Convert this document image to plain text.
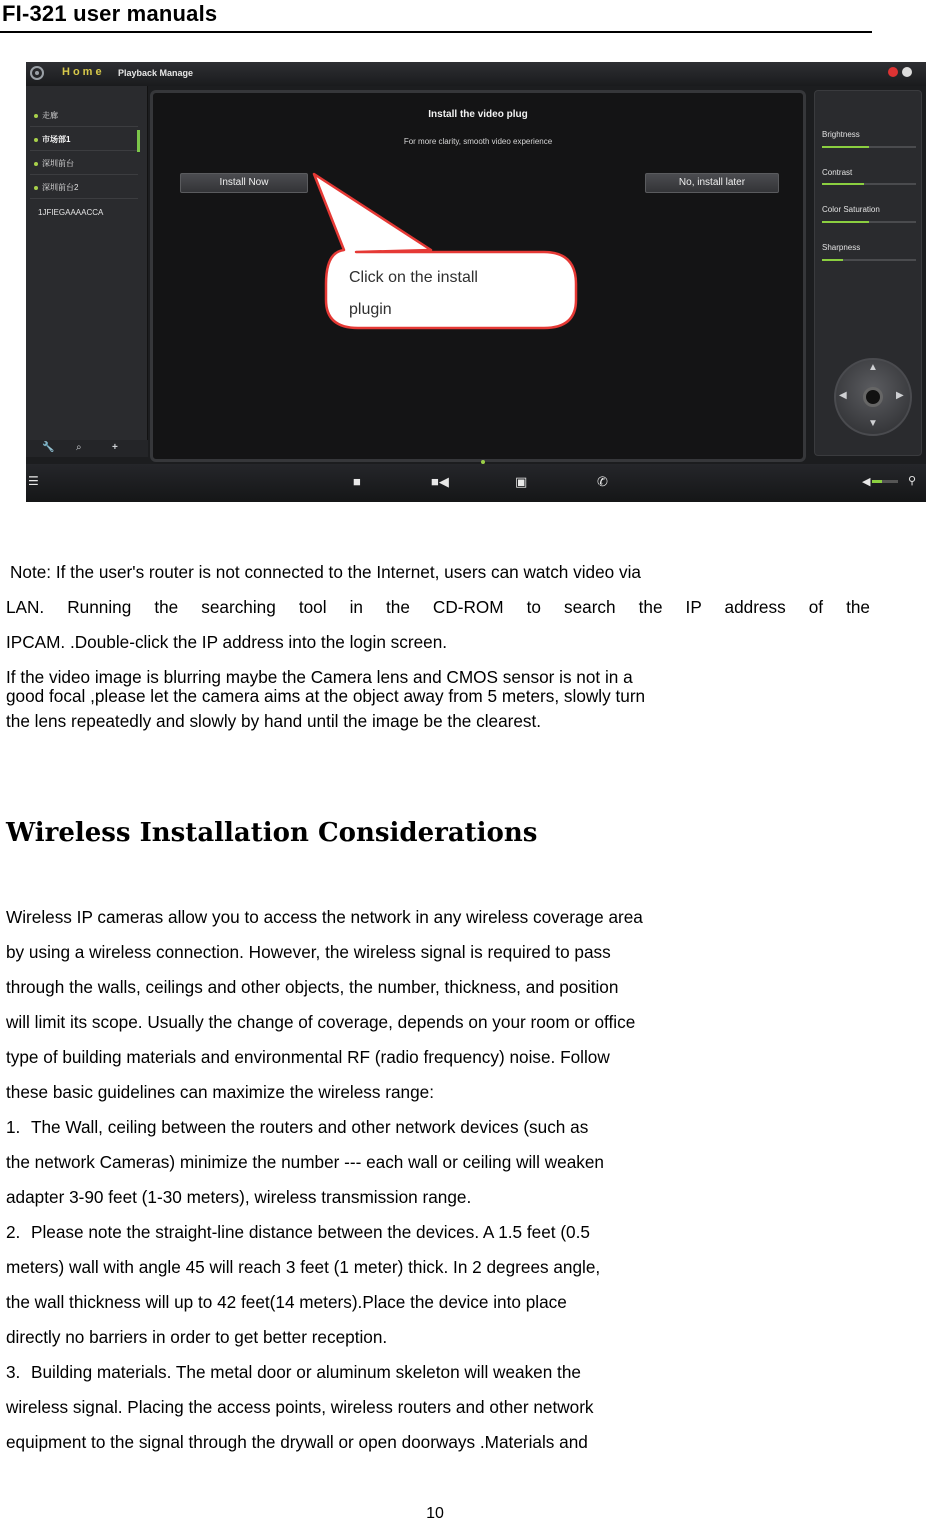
FI-321 user manuals
Home Playback Manage
走廊
市场部1
深圳前台
深圳前台2
1JFIEGAAAACCA
🔧 ⌕	+
Install the video plug
For more clarity, smooth video experience
Install Now	No, install later
Brightness
Contrast
Color Saturation
Sharpness
▲
▼
◀	▶
☰	■	■◀	▣	✆	◀	⚲
Click on the install
plugin
Note: If the user's router is not connected to the Internet, users can watch video via
LAN. Running the searching tool in the CD-ROM to search the IP address of the
IPCAM. .Double-click the IP address into the login screen.
If the video image is blurring maybe the Camera lens and CMOS sensor is not in a
good focal ,please let the camera aims at the object away from 5 meters, slowly turn
the lens repeatedly and slowly by hand until the image be the clearest.
Wireless Installation Considerations
Wireless IP cameras allow you to access the network in any wireless coverage area
by using a wireless connection. However, the wireless signal is required to pass
through the walls, ceilings and other objects, the number, thickness, and position
will limit its scope. Usually the change of coverage, depends on your room or office
type of building materials and environmental RF (radio frequency) noise. Follow
these basic guidelines can maximize the wireless range:
1. The Wall, ceiling between the routers and other network devices (such as
the network Cameras) minimize the number --- each wall or ceiling will weaken
adapter 3-90 feet (1-30 meters), wireless transmission range.
2. Please note the straight-line distance between the devices. A 1.5 feet (0.5
meters) wall with angle 45 will reach 3 feet (1 meter) thick. In 2 degrees angle,
the wall thickness will up to 42 feet(14 meters).Place the device into place
directly no barriers in order to get better reception.
3. Building materials. The metal door or aluminum skeleton will weaken the
wireless signal. Placing the access points, wireless routers and other network
equipment to the signal through the drywall or open doorways .Materials and
10
